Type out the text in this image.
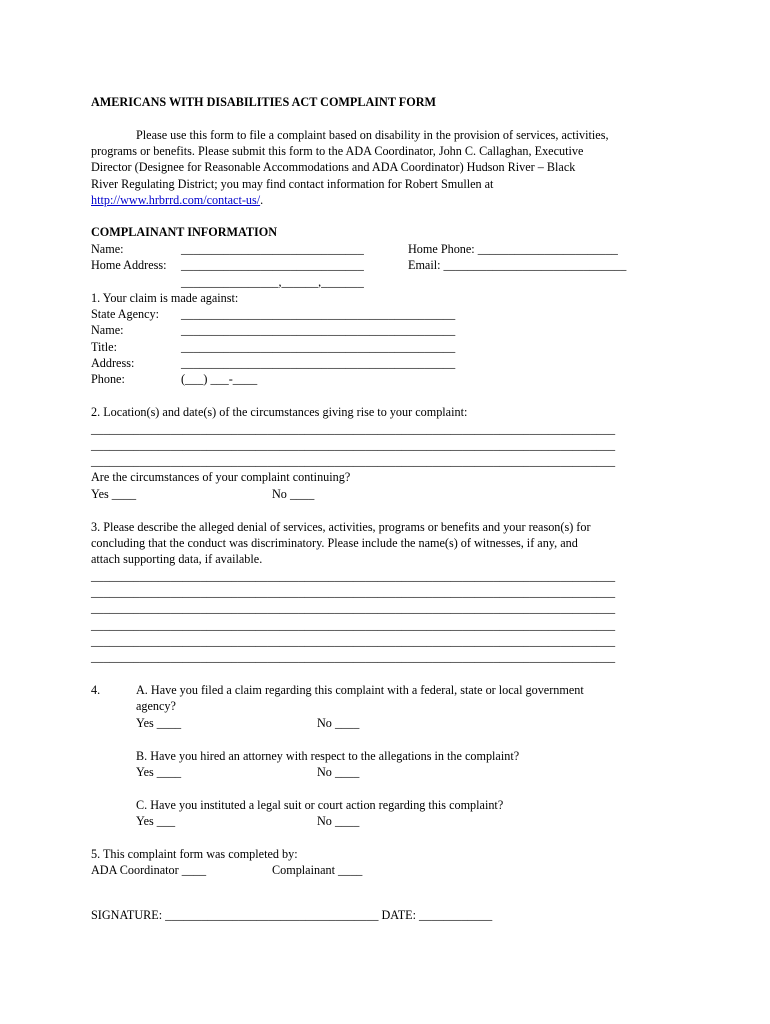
AMERICANS WITH DISABILITIES ACT COMPLAINT FORM
Please use this form to file a complaint based on disability in the provision of services, activities,
programs or benefits. Please submit this form to the ADA Coordinator, John C. Callaghan, Executive
Director (Designee for Reasonable Accommodations and ADA Coordinator) Hudson River – Black
River Regulating District; you may find contact information for Robert Smullen at
http://www.hrbrrd.com/contact-us/.
COMPLAINANT INFORMATION
Name:	______________________________	Home Phone: _______________________
Home Address: ______________________________	Email: ______________________________
________________,______,_______
1. Your claim is made against:
State Agency: _____________________________________________
Name:	_____________________________________________
Title:	_____________________________________________
Address:	_____________________________________________
Phone:	(___) ___-____
2. Location(s) and date(s) of the circumstances giving rise to your complaint:
______________________________________________________________________________________
______________________________________________________________________________________
______________________________________________________________________________________
Are the circumstances of your complaint continuing?
Yes ____	No ____
3. Please describe the alleged denial of services, activities, programs or benefits and your reason(s) for
concluding that the conduct was discriminatory. Please include the name(s) of witnesses, if any, and
attach supporting data, if available.
______________________________________________________________________________________
______________________________________________________________________________________
______________________________________________________________________________________
______________________________________________________________________________________
______________________________________________________________________________________
______________________________________________________________________________________
4.	A. Have you filed a claim regarding this complaint with a federal, state or local government
agency?
Yes ____	No ____
B. Have you hired an attorney with respect to the allegations in the complaint?
Yes ____	No ____
C. Have you instituted a legal suit or court action regarding this complaint?
Yes ___	No ____
5. This complaint form was completed by:
ADA Coordinator ____	Complainant ____
SIGNATURE: ___________________________________ DATE: ____________
